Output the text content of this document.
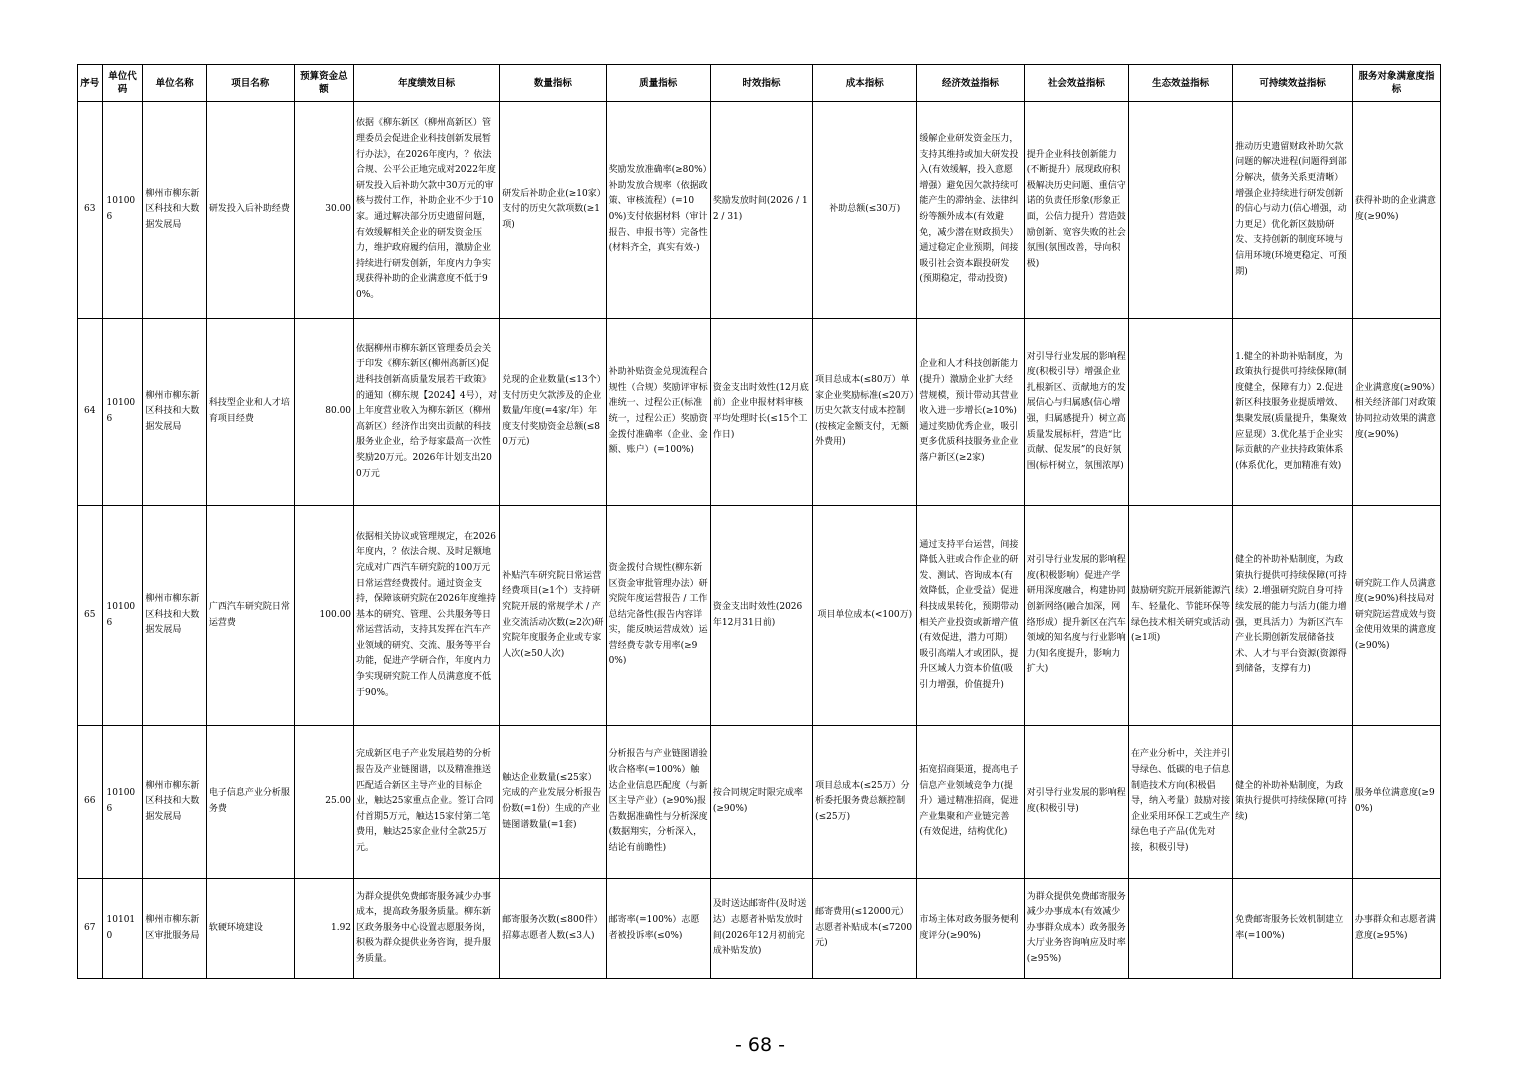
序号	单位代码	单位名称	项目名称	预算资金总额	年度绩效目标	数量指标	质量指标	时效指标	成本指标	经济效益指标	社会效益指标	生态效益指标	可持续效益指标	服务对象满意度指标
63	101006	柳州市柳东新区科技和大数据发展局	研发投入后补助经费	30.00	依据《柳东新区（柳州高新区）管理委员会促进企业科技创新发展暂行办法》，在2026年度内，？依法合规、公平公正地完成对2022年度研发投入后补助欠款中30万元的审核与拨付工作，补助企业不少于10家。通过解决部分历史遗留问题，有效缓解相关企业的研发资金压力，维护政府履约信用，激励企业持续进行研发创新，年度内力争实现获得补助的企业满意度不低于90%。	研发后补助企业(≥10家）支付的历史欠款项数(≥1项)	奖励发放准确率(≥80%）补助发放合规率（依据政策、审核流程）(=100%)支付依据材料（审计报告、申报书等）完备性(材料齐全，真实有效-)	奖励发放时间(2026 / 12 / 31)	补助总额(≤30万)	缓解企业研发资金压力，支持其维持或加大研发投入(有效缓解，投入意愿增强）避免因欠款持续可能产生的滞纳金、法律纠纷等额外成本(有效避免，减少潜在财政损失）通过稳定企业预期，间接吸引社会资本跟投研发(预期稳定，带动投资)	提升企业科技创新能力(不断提升）展现政府积极解决历史问题、重信守诺的负责任形象(形象正面，公信力提升）营造鼓励创新、宽容失败的社会氛围(氛围改善，导向积极)		推动历史遗留财政补助欠款问题的解决进程(问题得到部分解决，债务关系更清晰）增强企业持续进行研发创新的信心与动力(信心增强，动力更足）优化新区鼓励研发、支持创新的制度环境与信用环境(环境更稳定、可预期)	获得补助的企业满意度(≥90%)
64	101006	柳州市柳东新区科技和大数据发展局	科技型企业和人才培育项目经费	80.00	依据柳州市柳东新区管理委员会关于印发《柳东新区(柳州高新区)促进科技创新高质量发展若干政策》的通知（柳东规【2024】4号），对上年度营业收入为柳东新区（柳州高新区）经济作出突出贡献的科技服务业企业，给予每家最高一次性奖励20万元。2026年计划支出200万元	兑现的企业数量(≤13个）支付历史欠款涉及的企业数量/年度(=4家/年）年度支付奖励资金总额(≤80万元)	补助补贴资金兑现流程合规性（合规）奖励评审标准统一、过程公正(标准统一，过程公正）奖励资金拨付准确率（企业、金额、账户）(=100%)	资金支出时效性(12月底前）企业申报材料审核平均处理时长(≤15个工作日)	项目总成本(≤80万）单家企业奖励标准(≤20万）历史欠款支付成本控制(按核定金额支付，无额外费用)	企业和人才科技创新能力(提升）激励企业扩大经营规模，预计带动其营业收入进一步增长(≥10%)通过奖励优秀企业，吸引更多优质科技服务业企业落户新区(≥2家)	对引导行业发展的影响程度(积极引导）增强企业扎根新区、贡献地方的发展信心与归属感(信心增强，归属感提升）树立高质量发展标杆，营造“比贡献、促发展”的良好氛围(标杆树立，氛围浓厚)		1.健全的补助补贴制度，为政策执行提供可持续保障(制度健全，保障有力）2.促进新区科技服务业提质增效、集聚发展(质量提升，集聚效应显现）3.优化基于企业实际贡献的产业扶持政策体系(体系优化，更加精准有效)	企业满意度(≥90%）相关经济部门对政策协同拉动效果的满意度(≥90%)
65	101006	柳州市柳东新区科技和大数据发展局	广西汽车研究院日常运营费	100.00	依据相关协议或管理规定，在2026年度内，？依法合规、及时足额地完成对广西汽车研究院的100万元日常运营经费拨付。通过资金支持，保障该研究院在2026年度维持基本的研究、管理、公共服务等日常运营活动，支持其发挥在汽车产业领域的研究、交流、服务等平台功能，促进产学研合作，年度内力争实现研究院工作人员满意度不低于90%。	补贴汽车研究院日常运营经费项目(≥1个）支持研究院开展的常规学术 / 产业交流活动次数(≥2次)研究院年度服务企业或专家人次(≥50人次)	资金拨付合规性(柳东新区资金审批管理办法）研究院年度运营报告 / 工作总结完备性(报告内容详实，能反映运营成效）运营经费专款专用率(≥90%)	资金支出时效性(2026年12月31日前)	项目单位成本(<100万)	通过支持平台运营，间接降低入驻或合作企业的研发、测试、咨询成本(有效降低，企业受益）促进科技成果转化，预期带动相关产业投资或新增产值(有效促进，潜力可期）吸引高端人才或团队，提升区域人力资本价值(吸引力增强，价值提升)	对引导行业发展的影响程度(积极影响）促进产学研用深度融合，构建协同创新网络(融合加深，网络形成）提升新区在汽车领域的知名度与行业影响力(知名度提升，影响力扩大)	鼓励研究院开展新能源汽车、轻量化、节能环保等绿色技术相关研究或活动(≥1项)	健全的补助补贴制度，为政策执行提供可持续保障(可持续）2.增强研究院自身可持续发展的能力与活力(能力增强，更具活力）为新区汽车产业长期创新发展储备技术、人才与平台资源(资源得到储备，支撑有力)	研究院工作人员满意度(≥90%)科技局对研究院运营成效与资金使用效果的满意度(≥90%)
66	101006	柳州市柳东新区科技和大数据发展局	电子信息产业分析服务费	25.00	完成新区电子产业发展趋势的分析报告及产业链图谱，以及精准推送匹配适合新区主导产业的目标企业，触达25家重点企业。签订合同付首期5万元，触达15家付第二笔费用，触达25家企业付全款25万元。	触达企业数量(≤25家）完成的产业发展分析报告份数(=1份）生成的产业链图谱数量(=1套)	分析报告与产业链图谱验收合格率(=100%）触达企业信息匹配度（与新区主导产业）(≥90%)报告数据准确性与分析深度(数据翔实，分析深入，结论有前瞻性)	按合同规定时限完成率(≥90%)	项目总成本(≤25万）分析委托服务费总额控制(≤25万)	拓宽招商渠道，提高电子信息产业领域竞争力(提升）通过精准招商，促进产业集聚和产业链完善(有效促进，结构优化)	对引导行业发展的影响程度(积极引导)	在产业分析中，关注并引导绿色、低碳的电子信息制造技术方向(积极倡导，纳入考量）鼓励对接企业采用环保工艺或生产绿色电子产品(优先对接，积极引导)	健全的补助补贴制度，为政策执行提供可持续保障(可持续)	服务单位满意度(≥90%)
67	101010	柳州市柳东新区审批服务局	软硬环境建设	1.92	为群众提供免费邮寄服务减少办事成本，提高政务服务质量。柳东新区政务服务中心设置志愿服务岗，积极为群众提供业务咨询，提升服务质量。	邮寄服务次数(≤800件）招募志愿者人数(≤3人)	邮寄率(=100%）志愿者被投诉率(≤0%)	及时送达邮寄件(及时送达）志愿者补贴发放时间(2026年12月初前完成补贴发放)	邮寄费用(≤12000元）志愿者补贴成本(≤7200元)	市场主体对政务服务便利度评分(≥90%)	为群众提供免费邮寄服务减少办事成本(有效减少办事群众成本）政务服务大厅业务咨询响应及时率(≥95%)		免费邮寄服务长效机制建立率(=100%)	办事群众和志愿者满意度(≥95%)
- 68 -
